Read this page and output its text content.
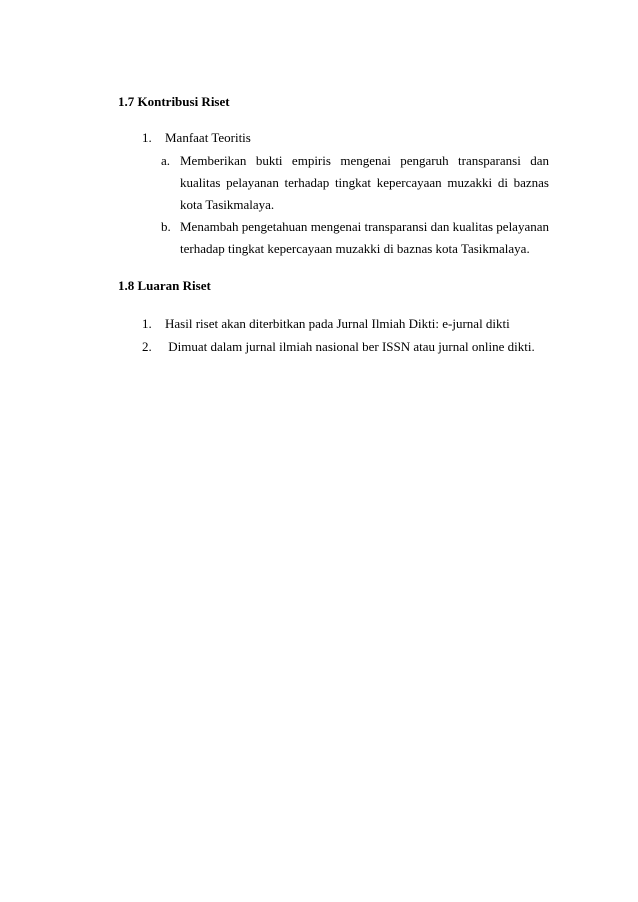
1.7 Kontribusi Riset
1. Manfaat Teoritis
a. Memberikan bukti empiris mengenai pengaruh transparansi dan kualitas pelayanan terhadap tingkat kepercayaan muzakki di baznas kota Tasikmalaya.
b. Menambah pengetahuan mengenai transparansi dan kualitas pelayanan terhadap tingkat kepercayaan muzakki di baznas kota Tasikmalaya.
1.8 Luaran Riset
1. Hasil riset akan diterbitkan pada Jurnal Ilmiah Dikti: e-jurnal dikti
2. Dimuat dalam jurnal ilmiah nasional ber ISSN atau jurnal online dikti.
